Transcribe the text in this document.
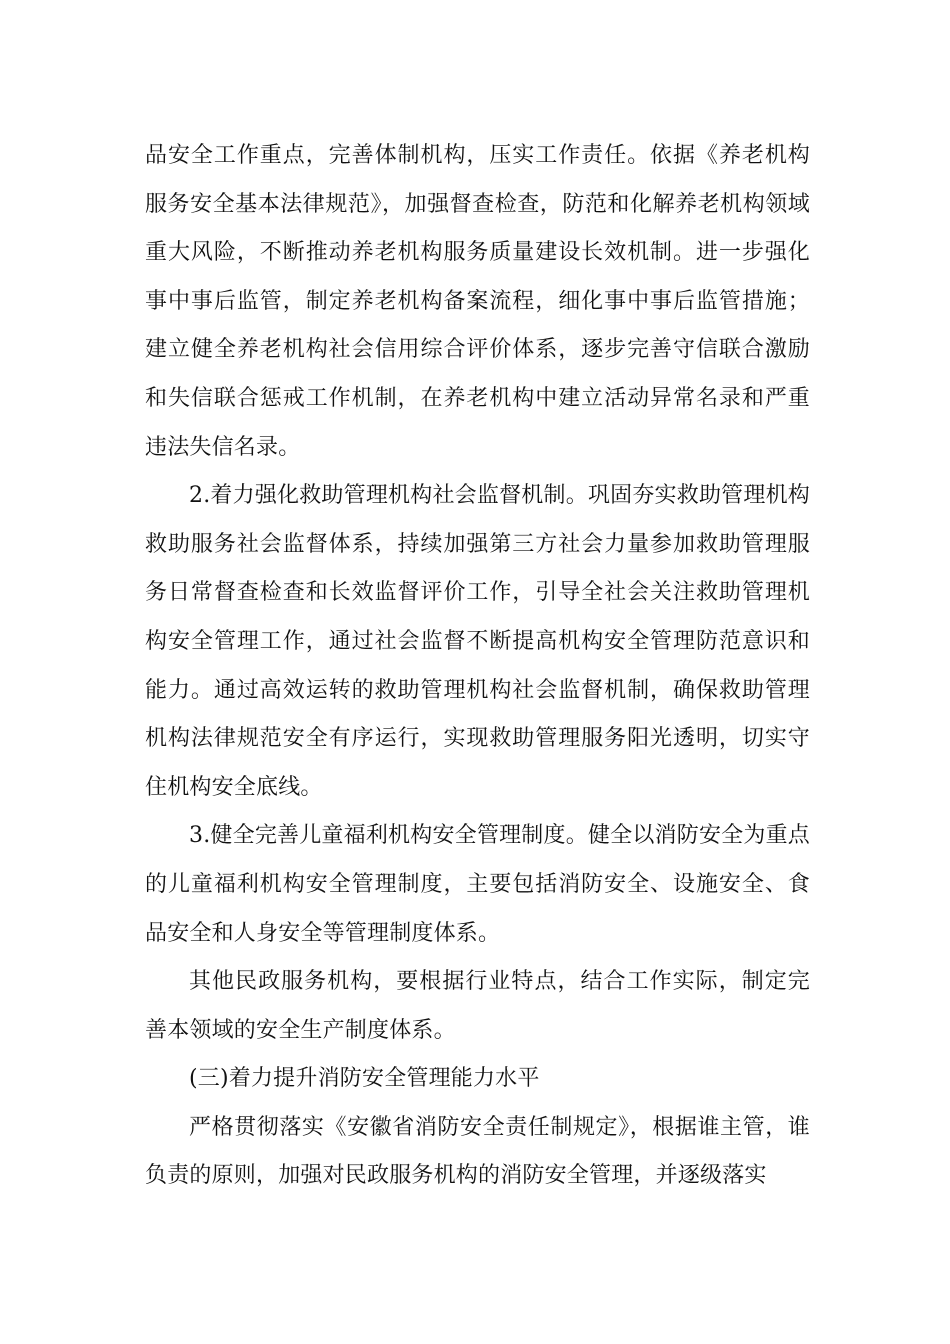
品安全工作重点，完善体制机构，压实工作责任。依据《养老机构服务安全基本法律规范》，加强督查检查，防范和化解养老机构领域重大风险，不断推动养老机构服务质量建设长效机制。进一步强化事中事后监管，制定养老机构备案流程，细化事中事后监管措施；建立健全养老机构社会信用综合评价体系，逐步完善守信联合激励和失信联合惩戒工作机制，在养老机构中建立活动异常名录和严重违法失信名录。

2.着力强化救助管理机构社会监督机制。巩固夯实救助管理机构救助服务社会监督体系，持续加强第三方社会力量参加救助管理服务日常督查检查和长效监督评价工作，引导全社会关注救助管理机构安全管理工作，通过社会监督不断提高机构安全管理防范意识和能力。通过高效运转的救助管理机构社会监督机制，确保救助管理机构法律规范安全有序运行，实现救助管理服务阳光透明，切实守住机构安全底线。

3.健全完善儿童福利机构安全管理制度。健全以消防安全为重点的儿童福利机构安全管理制度，主要包括消防安全、设施安全、食品安全和人身安全等管理制度体系。

其他民政服务机构，要根据行业特点，结合工作实际，制定完善本领域的安全生产制度体系。

(三)着力提升消防安全管理能力水平

严格贯彻落实《安徽省消防安全责任制规定》，根据谁主管，谁负责的原则，加强对民政服务机构的消防安全管理，并逐级落实
